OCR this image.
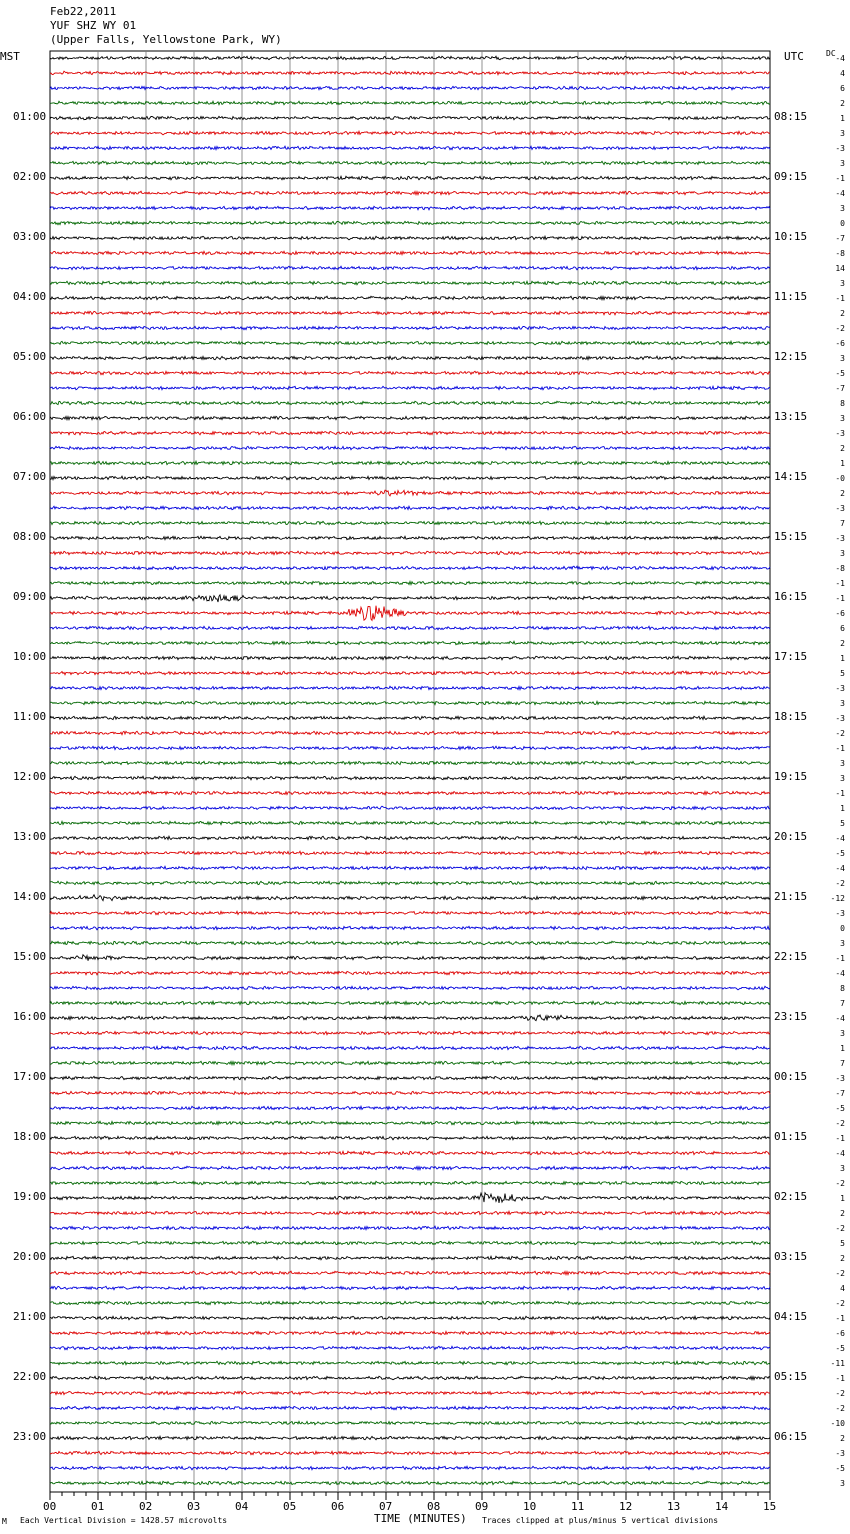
Feb22,2011
YUF SHZ WY 01
(Upper Falls, Yellowstone Park, WY)
MST	UTC	DC
01:00
02:00
03:00
04:00
05:00
06:00
07:00
08:00
09:00
10:00
11:00
12:00
13:00
14:00
15:00
16:00
17:00
18:00
19:00
20:00
21:00
22:00
23:00
08:15
09:15
10:15
11:15
12:15
13:15
14:15
15:15
16:15
17:15
18:15
19:15
20:15
21:15
22:15
23:15
00:15
01:15
02:15
03:15
04:15
05:15
06:15
-4
4
6
2
1
3
-3
3
-1
-4
3
0
-7
-8
14
3
-1
2
-2
-6
3
-5
-7
8
3
-3
2
1
-0
2
-3
7
-3
3
-8
-1
-1
-6
6
2
1
5
-3
3
-3
-2
-1
3
3
-1
1
5
-4
-5
-4
-2
-12
-3
0
3
-1
-4
8
7
-4
3
1
7
-3
-7
-5
-2
-1
-4
3
-2
1
2
-2
5
2
-2
4
-2
-1
-6
-5
-11
-1
-2
-2
-10
2
-3
-5
3
00	01	02	03	04	05	06	07	08	09	10	11	12	13	14	15
M Each Vertical Division = 1428.57 microvolts	TIME (MINUTES) Traces clipped at plus/minus 5 vertical divisions
